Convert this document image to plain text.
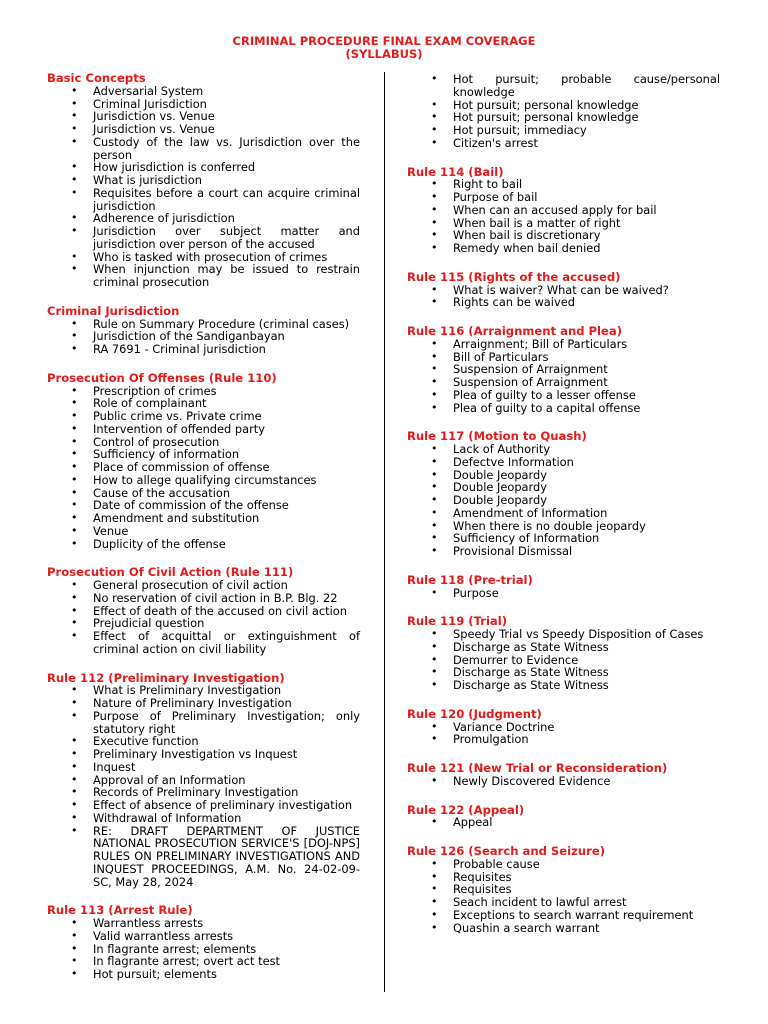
CRIMINAL PROCEDURE FINAL EXAM COVERAGE
(SYLLABUS)
Basic Concepts
• Adversarial System
• Criminal Jurisdiction
• Jurisdiction vs. Venue
• Jurisdiction vs. Venue
• Custody of the law vs. Jurisdiction over the person
• How jurisdiction is conferred
• What is jurisdiction
• Requisites before a court can acquire criminal jurisdiction
• Adherence of jurisdiction
• Jurisdiction over subject matter and jurisdiction over person of the accused
• Who is tasked with prosecution of crimes
• When injunction may be issued to restrain criminal prosecution
Criminal Jurisdiction
• Rule on Summary Procedure (criminal cases)
• Jurisdiction of the Sandiganbayan
• RA 7691 - Criminal jurisdiction
Prosecution Of Offenses (Rule 110)
• Prescription of crimes
• Role of complainant
• Public crime vs. Private crime
• Intervention of offended party
• Control of prosecution
• Sufficiency of information
• Place of commission of offense
• How to allege qualifying circumstances
• Cause of the accusation
• Date of commission of the offense
• Amendment and substitution
• Venue
• Duplicity of the offense
Prosecution Of Civil Action (Rule 111)
• General prosecution of civil action
• No reservation of civil action in B.P. Blg. 22
• Effect of death of the accused on civil action
• Prejudicial question
• Effect of acquittal or extinguishment of criminal action on civil liability
Rule 112 (Preliminary Investigation)
• What is Preliminary Investigation
• Nature of Preliminary Investigation
• Purpose of Preliminary Investigation; only statutory right
• Executive function
• Preliminary Investigation vs Inquest
• Inquest
• Approval of an Information
• Records of Preliminary Investigation
• Effect of absence of preliminary investigation
• Withdrawal of Information
• RE: DRAFT DEPARTMENT OF JUSTICE NATIONAL PROSECUTION SERVICE'S [DOJ-NPS] RULES ON PRELIMINARY INVESTIGATIONS AND INQUEST PROCEEDINGS, A.M. No. 24-02-09-SC, May 28, 2024
Rule 113 (Arrest Rule)
• Warrantless arrests
• Valid warrantless arrests
• In flagrante arrest; elements
• In flagrante arrest; overt act test
• Hot pursuit; elements
• Hot pursuit; probable cause/personal knowledge
• Hot pursuit; personal knowledge
• Hot pursuit; personal knowledge
• Hot pursuit; immediacy
• Citizen's arrest
Rule 114 (Bail)
• Right to bail
• Purpose of bail
• When can an accused apply for bail
• When bail is a matter of right
• When bail is discretionary
• Remedy when bail denied
Rule 115 (Rights of the accused)
• What is waiver? What can be waived?
• Rights can be waived
Rule 116 (Arraignment and Plea)
• Arraignment; Bill of Particulars
• Bill of Particulars
• Suspension of Arraignment
• Suspension of Arraignment
• Plea of guilty to a lesser offense
• Plea of guilty to a capital offense
Rule 117 (Motion to Quash)
• Lack of Authority
• Defectve Information
• Double Jeopardy
• Double Jeopardy
• Double Jeopardy
• Amendment of Information
• When there is no double jeopardy
• Sufficiency of Information
• Provisional Dismissal
Rule 118 (Pre-trial)
• Purpose
Rule 119 (Trial)
• Speedy Trial vs Speedy Disposition of Cases
• Discharge as State Witness
• Demurrer to Evidence
• Discharge as State Witness
• Discharge as State Witness
Rule 120 (Judgment)
• Variance Doctrine
• Promulgation
Rule 121 (New Trial or Reconsideration)
• Newly Discovered Evidence
Rule 122 (Appeal)
• Appeal
Rule 126 (Search and Seizure)
• Probable cause
• Requisites
• Requisites
• Seach incident to lawful arrest
• Exceptions to search warrant requirement
• Quashin a search warrant
